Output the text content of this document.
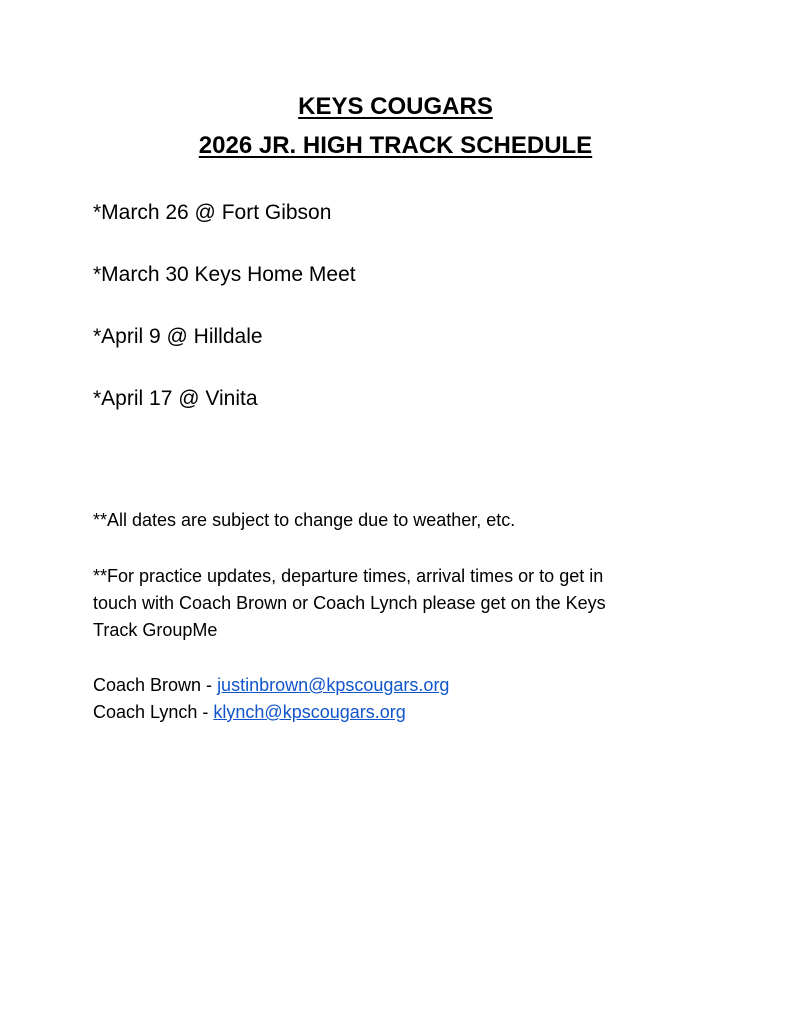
KEYS COUGARS
2026 JR. HIGH TRACK SCHEDULE
*March 26 @ Fort Gibson
*March 30 Keys Home Meet
*April 9 @ Hilldale
*April 17 @ Vinita
**All dates are subject to change due to weather, etc.
**For practice updates, departure times, arrival times or to get in
touch with Coach Brown or Coach Lynch please get on the Keys
Track GroupMe
Coach Brown - justinbrown@kpscougars.org
Coach Lynch - klynch@kpscougars.org
